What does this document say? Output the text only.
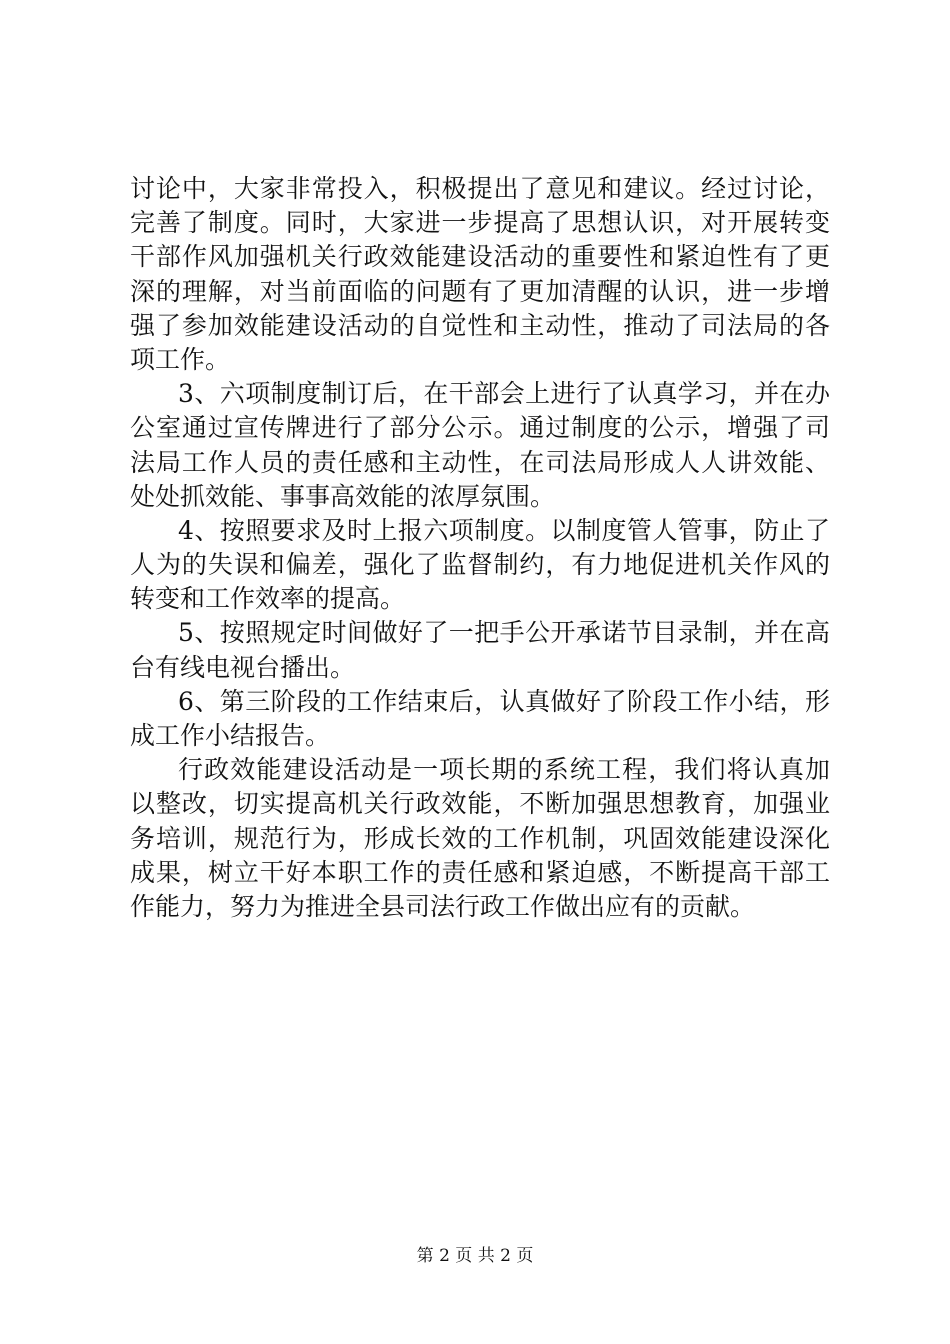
讨论中，大家非常投入，积极提出了意见和建议。经过讨论，
完善了制度。同时，大家进一步提高了思想认识，对开展转变
干部作风加强机关行政效能建设活动的重要性和紧迫性有了更
深的理解，对当前面临的问题有了更加清醒的认识，进一步增
强了参加效能建设活动的自觉性和主动性，推动了司法局的各
项工作。
3、六项制度制订后，在干部会上进行了认真学习，并在办
公室通过宣传牌进行了部分公示。通过制度的公示，增强了司
法局工作人员的责任感和主动性，在司法局形成人人讲效能、
处处抓效能、事事高效能的浓厚氛围。
4、按照要求及时上报六项制度。以制度管人管事，防止了
人为的失误和偏差，强化了监督制约，有力地促进机关作风的
转变和工作效率的提高。
5、按照规定时间做好了一把手公开承诺节目录制，并在高
台有线电视台播出。
6、第三阶段的工作结束后，认真做好了阶段工作小结，形
成工作小结报告。
行政效能建设活动是一项长期的系统工程，我们将认真加
以整改，切实提高机关行政效能，不断加强思想教育，加强业
务培训，规范行为，形成长效的工作机制，巩固效能建设深化
成果，树立干好本职工作的责任感和紧迫感，不断提高干部工
作能力，努力为推进全县司法行政工作做出应有的贡献。
第 2 页 共 2 页
